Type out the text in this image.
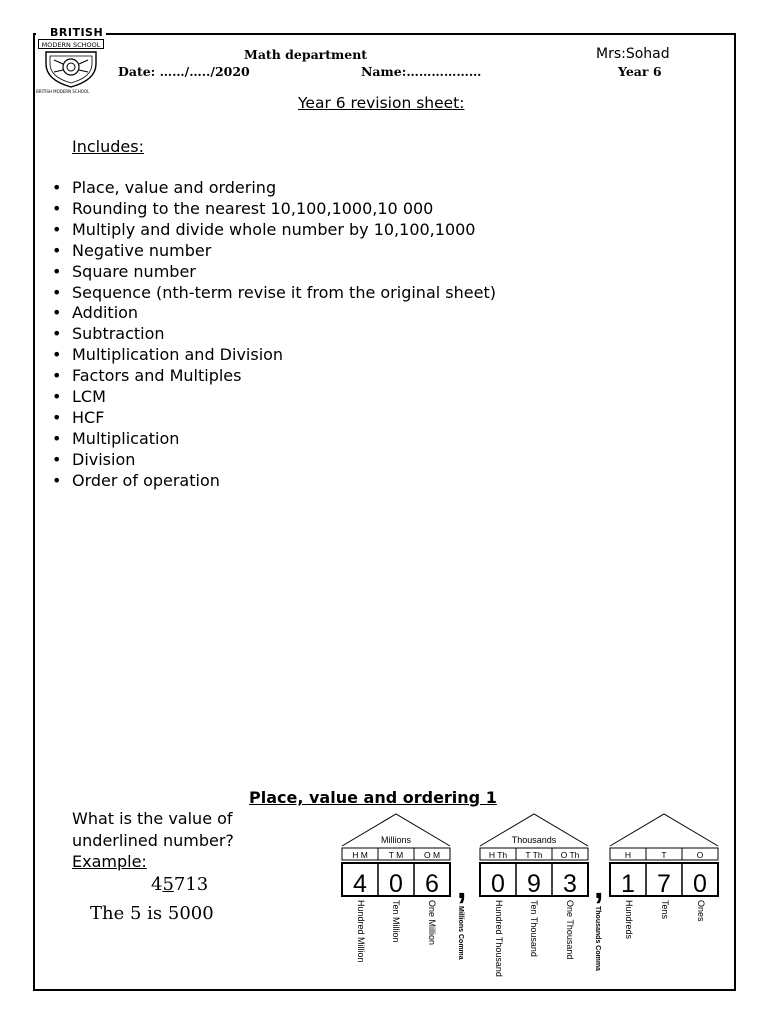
BRITISH
MODERN SCHOOL
BRITISH MODERN SCHOOL
Math department	Mrs:Sohad
Date: ……/…../2020	Name:………………	Year 6
Year 6 revision sheet:
Includes:
• Place, value and ordering
• Rounding to the nearest 10,100,1000,10 000
• Multiply and divide whole number by 10,100,1000
• Negative number
• Square number
• Sequence (nth-term revise it from the original sheet)
• Addition
• Subtraction
• Multiplication and Division
• Factors and Multiples
• LCM
• HCF
• Multiplication
• Division
• Order of operation
Place, value and ordering 1
What is the value of
underlined number?
Example:
45713
The 5 is 5000
Millions
H M T M O M
4 0 6
Hundred Million	Ten Million	One Million
,
Millions Comma
Thousands
H Th T Th O Th
0 9 3
Hundred Thousand	Ten Thousand	One Thousand
,
Thousands Comma
H	T	O
1 7 0
Hundreds	Tens	Ones
